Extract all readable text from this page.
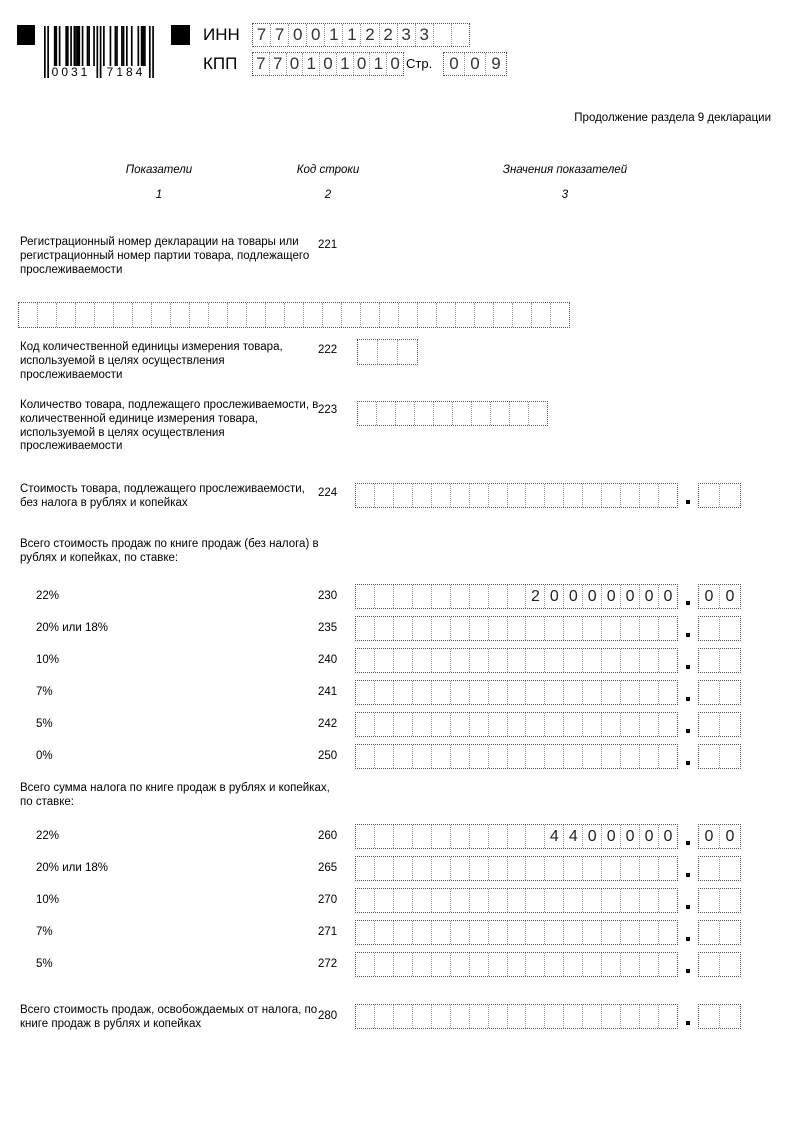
0031 7184
ИНН 7 7 0 0 1 1 2 2 3 3
КПП 7 7 0 1 0 1 0 1 0 Стр.	0 0 9
Продолжение раздела 9 декларации
Показатели	Код строки	Значения показателей
1	2	3
Регистрационный номер декларации на товары или регистрационный номер партии товара, подлежащего прослеживаемости
221
Код количественной единицы измерения товара, используемой в целях осуществления прослеживаемости
222
Количество товара, подлежащего прослеживаемости, в количественной единице измерения товара, используемой в целях осуществления прослеживаемости
223
Стоимость товара, подлежащего прослеживаемости, без налога в рублях и копейках
224
Всего стоимость продаж по книге продаж (без налога) в рублях и копейках, по ставке:
22%	230	2 0 0 0 0 0 0 0	0 0
20% или 18%	235
10%	240
7%	241
5%	242
0%	250
Всего сумма налога по книге продаж в рублях и копейках, по ставке:
22%	260	4 4 0 0 0 0 0	0 0
20% или 18%	265
10%	270
7%	271
5%	272
Всего стоимость продаж, освобождаемых от налога, по книге продаж в рублях и копейках
280
